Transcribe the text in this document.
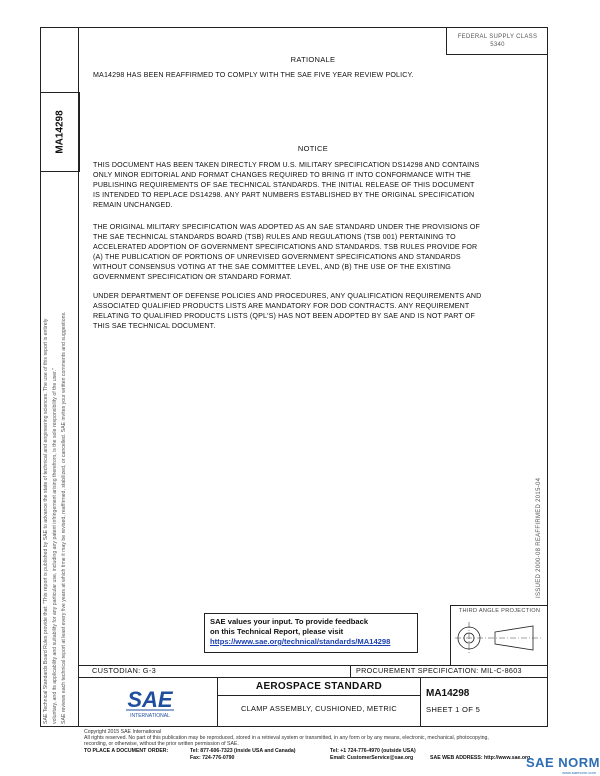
MA14298
SAE Technical Standards Board Rules provide that: "This report is published by SAE to advance the state of technical and engineering sciences. The use of this report is entirely voluntary, and its applicability and suitability for any particular use, including any patent infringement arising therefrom, is the sole responsibility of the user." SAE reviews each technical report at least every five years at which time it may be revised, reaffirmed, stabilized, or cancelled. SAE invites your written comments and suggestions.
FEDERAL SUPPLY CLASS
5340
RATIONALE
MA14298 HAS BEEN REAFFIRMED TO COMPLY WITH THE SAE FIVE YEAR REVIEW POLICY.
NOTICE
THIS DOCUMENT HAS BEEN TAKEN DIRECTLY FROM U.S. MILITARY SPECIFICATION DS14298 AND CONTAINS
ONLY MINOR EDITORIAL AND FORMAT CHANGES REQUIRED TO BRING IT INTO CONFORMANCE WITH THE
PUBLISHING REQUIREMENTS OF SAE TECHNICAL STANDARDS. THE INITIAL RELEASE OF THIS DOCUMENT
IS INTENDED TO REPLACE DS14298. ANY PART NUMBERS ESTABLISHED BY THE ORIGINAL SPECIFICATION
REMAIN UNCHANGED.
THE ORIGINAL MILITARY SPECIFICATION WAS ADOPTED AS AN SAE STANDARD UNDER THE PROVISIONS OF
THE SAE TECHNICAL STANDARDS BOARD (TSB) RULES AND REGULATIONS (TSB 001) PERTAINING TO
ACCELERATED ADOPTION OF GOVERNMENT SPECIFICATIONS AND STANDARDS. TSB RULES PROVIDE FOR
(A) THE PUBLICATION OF PORTIONS OF UNREVISED GOVERNMENT SPECIFICATIONS AND STANDARDS
WITHOUT CONSENSUS VOTING AT THE SAE COMMITTEE LEVEL, AND (B) THE USE OF THE EXISTING
GOVERNMENT SPECIFICATION OR STANDARD FORMAT.
UNDER DEPARTMENT OF DEFENSE POLICIES AND PROCEDURES, ANY QUALIFICATION REQUIREMENTS AND
ASSOCIATED QUALIFIED PRODUCTS LISTS ARE MANDATORY FOR DOD CONTRACTS. ANY REQUIREMENT
RELATING TO QUALIFIED PRODUCTS LISTS (QPL'S) HAS NOT BEEN ADOPTED BY SAE AND IS NOT PART OF
THIS SAE TECHNICAL DOCUMENT.
ISSUED 2000-08 REAFFIRMED 2015-04
SAE values your input. To provide feedback
on this Technical Report, please visit
https://www.sae.org/technical/standards/MA14298
THIRD ANGLE PROJECTION
CUSTODIAN: G-3	PROCUREMENT SPECIFICATION: MIL-C-8603
SAE
INTERNATIONAL
AEROSPACE STANDARD
CLAMP ASSEMBLY, CUSHIONED, METRIC
MA14298
SHEET 1 OF 5
Copyright 2015 SAE International
All rights reserved. No part of this publication may be reproduced, stored in a retrieval system or transmitted, in any form or by any means, electronic, mechanical, photocopying,
recording, or otherwise, without the prior written permission of SAE.
TO PLACE A DOCUMENT ORDER:	Tel: 877-606-7323 (inside USA and Canada)	Tel: +1 724-776-4970 (outside USA)
Fax: 724-776-0790	Email: CustomerService@sae.org	SAE WEB ADDRESS: http://www.sae.org
SAE NORM
www.saenorm.com
